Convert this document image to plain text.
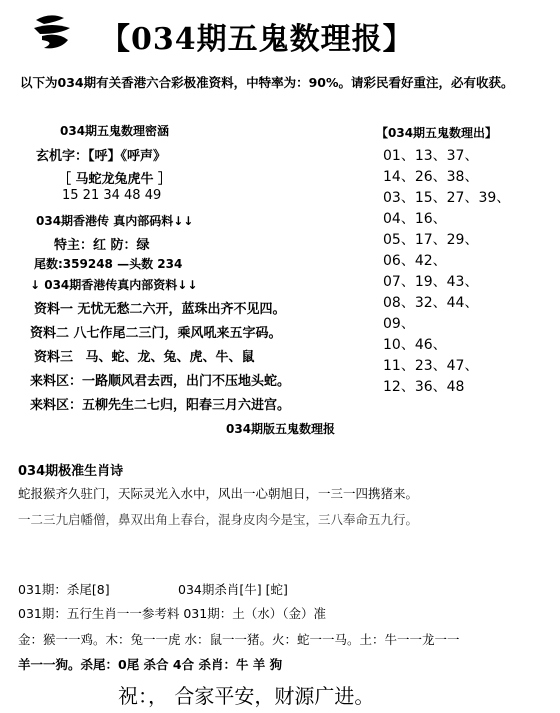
【034期五鬼数理报】
以下为034期有关香港六合彩极准资料，中特率为：90%。请彩民看好重注，必有收获。
034期五鬼数理密涵
玄机字：【呼】《呼声》
［ 马蛇龙兔虎牛 ］
15 21 34 48 49
034期香港传 真内部码料↓↓
特主：红 防：绿
尾数:359248 —头数 234
↓ 034期香港传真内部资料↓↓
资料一 无忧无愁二六开，蓝珠出齐不见四。
资料二 八七作尾二三门，乘风吼来五字码。
资料三 马、蛇、龙、兔、虎、牛、鼠
来料区：一路顺风君去西，出门不压地头蛇。
来料区：五柳先生二七归，阳春三月六进宫。
【034期五鬼数理出】
01、13、37、
14、26、38、
03、15、27、39、
04、16、
05、17、29、
06、42、
07、19、43、
08、32、44、
09、
10、46、
11、23、47、
12、36、48
034期版五鬼数理报
034期极准生肖诗
蛇报猴齐久驻门，天际灵光入水中，风出一心朝旭日，一三一四携猪来。
一二三九启幡僧，鼻双出角上春台，混身皮肉今是宝，三八奉命五九行。
031期：杀尾[8]	034期杀肖[牛] [蛇]
031期：五行生肖一一参考料 031期：土（水）（金）准
金：猴一一鸡。木：兔一一虎 水：鼠一一猪。火：蛇一一马。土：牛一一龙一一
羊一一狗。杀尾：0尾 杀合 4合 杀肖：牛 羊 狗
祝：， 合家平安，财源广进。
